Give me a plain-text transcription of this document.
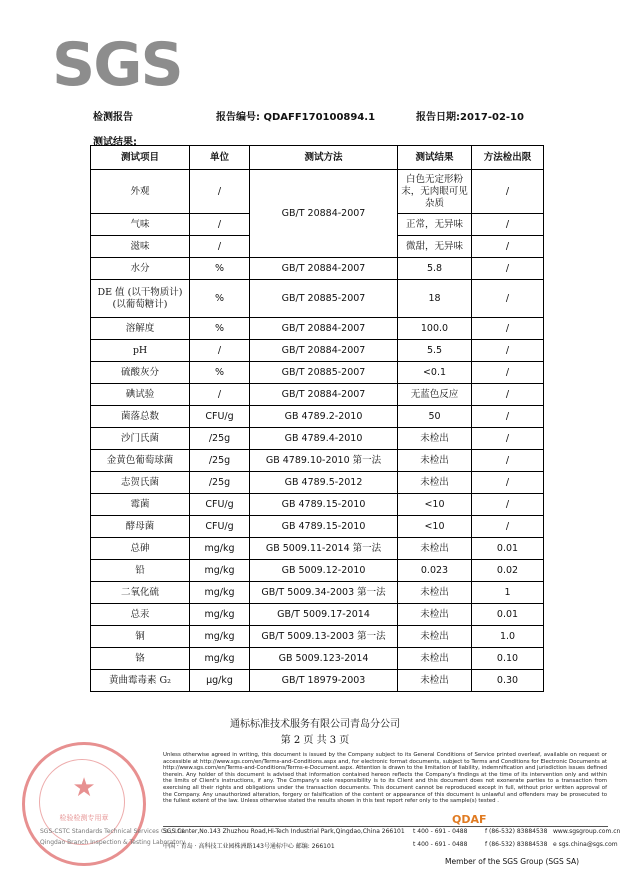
SGS
检测报告	报告编号: QDAFF170100894.1	报告日期:2017-02-10
测试结果:
测试项目	单位	测试方法	测试结果	方法检出限
外观	/	GB/T 20884-2007	白色无定形粉末，无肉眼可见杂质	/
气味	/		正常，无异味	/
滋味	/		微甜，无异味	/
水分	%	GB/T 20884-2007	5.8	/
DE 值 (以干物质计)(以葡萄糖计)	%	GB/T 20885-2007	18	/
溶解度	%	GB/T 20884-2007	100.0	/
pH	/	GB/T 20884-2007	5.5	/
硫酸灰分	%	GB/T 20885-2007	<0.1	/
碘试验	/	GB/T 20884-2007	无蓝色反应	/
菌落总数	CFU/g	GB 4789.2-2010	50	/
沙门氏菌	/25g	GB 4789.4-2010	未检出	/
金黄色葡萄球菌	/25g	GB 4789.10-2010 第一法	未检出	/
志贺氏菌	/25g	GB 4789.5-2012	未检出	/
霉菌	CFU/g	GB 4789.15-2010	<10	/
酵母菌	CFU/g	GB 4789.15-2010	<10	/
总砷	mg/kg	GB 5009.11-2014 第一法	未检出	0.01
铅	mg/kg	GB 5009.12-2010	0.023	0.02
二氧化硫	mg/kg	GB/T 5009.34-2003 第一法	未检出	1
总汞	mg/kg	GB/T 5009.17-2014	未检出	0.01
铜	mg/kg	GB/T 5009.13-2003 第一法	未检出	1.0
铬	mg/kg	GB 5009.123-2014	未检出	0.10
黄曲霉毒素 G₂	μg/kg	GB/T 18979-2003	未检出	0.30
通标标准技术服务有限公司青岛分公司
第 2 页 共 3 页
★
检验检测专用章
SGS-CSTC Standards Technical Services Co., Ltd.
Qingdao Branch Inspection & Testing Laboratory
Unless otherwise agreed in writing, this document is issued by the Company subject to its General Conditions of Service printed overleaf, available on request or accessible at http://www.sgs.com/en/Terms-and-Conditions.aspx and, for electronic format documents, subject to Terms and Conditions for Electronic Documents at http://www.sgs.com/en/Terms-and-Conditions/Terms-e-Document.aspx. Attention is drawn to the limitation of liability, indemnification and jurisdiction issues defined therein. Any holder of this document is advised that information contained hereon reflects the Company's findings at the time of its intervention only and within the limits of Client's instructions, if any. The Company's sole responsibility is to its Client and this document does not exonerate parties to a transaction from exercising all their rights and obligations under the transaction documents. This document cannot be reproduced except in full, without prior written approval of the Company. Any unauthorized alteration, forgery or falsification of the content or appearance of this document is unlawful and offenders may be prosecuted to the fullest extent of the law. Unless otherwise stated the results shown in this test report refer only to the sample(s) tested .
QDAF
SGS Center,No.143 Zhuzhou Road,Hi-Tech Industrial Park,Qingdao,China 266101 t 400 - 691 - 0488	f (86-532) 83884538 www.sgsgroup.com.cn
中国 · 青岛 · 高科技工业园株洲路143号通标中心 邮编: 266101	t 400 - 691 - 0488	f (86-532) 83884538 e sgs.china@sgs.com
Member of the SGS Group (SGS SA)
